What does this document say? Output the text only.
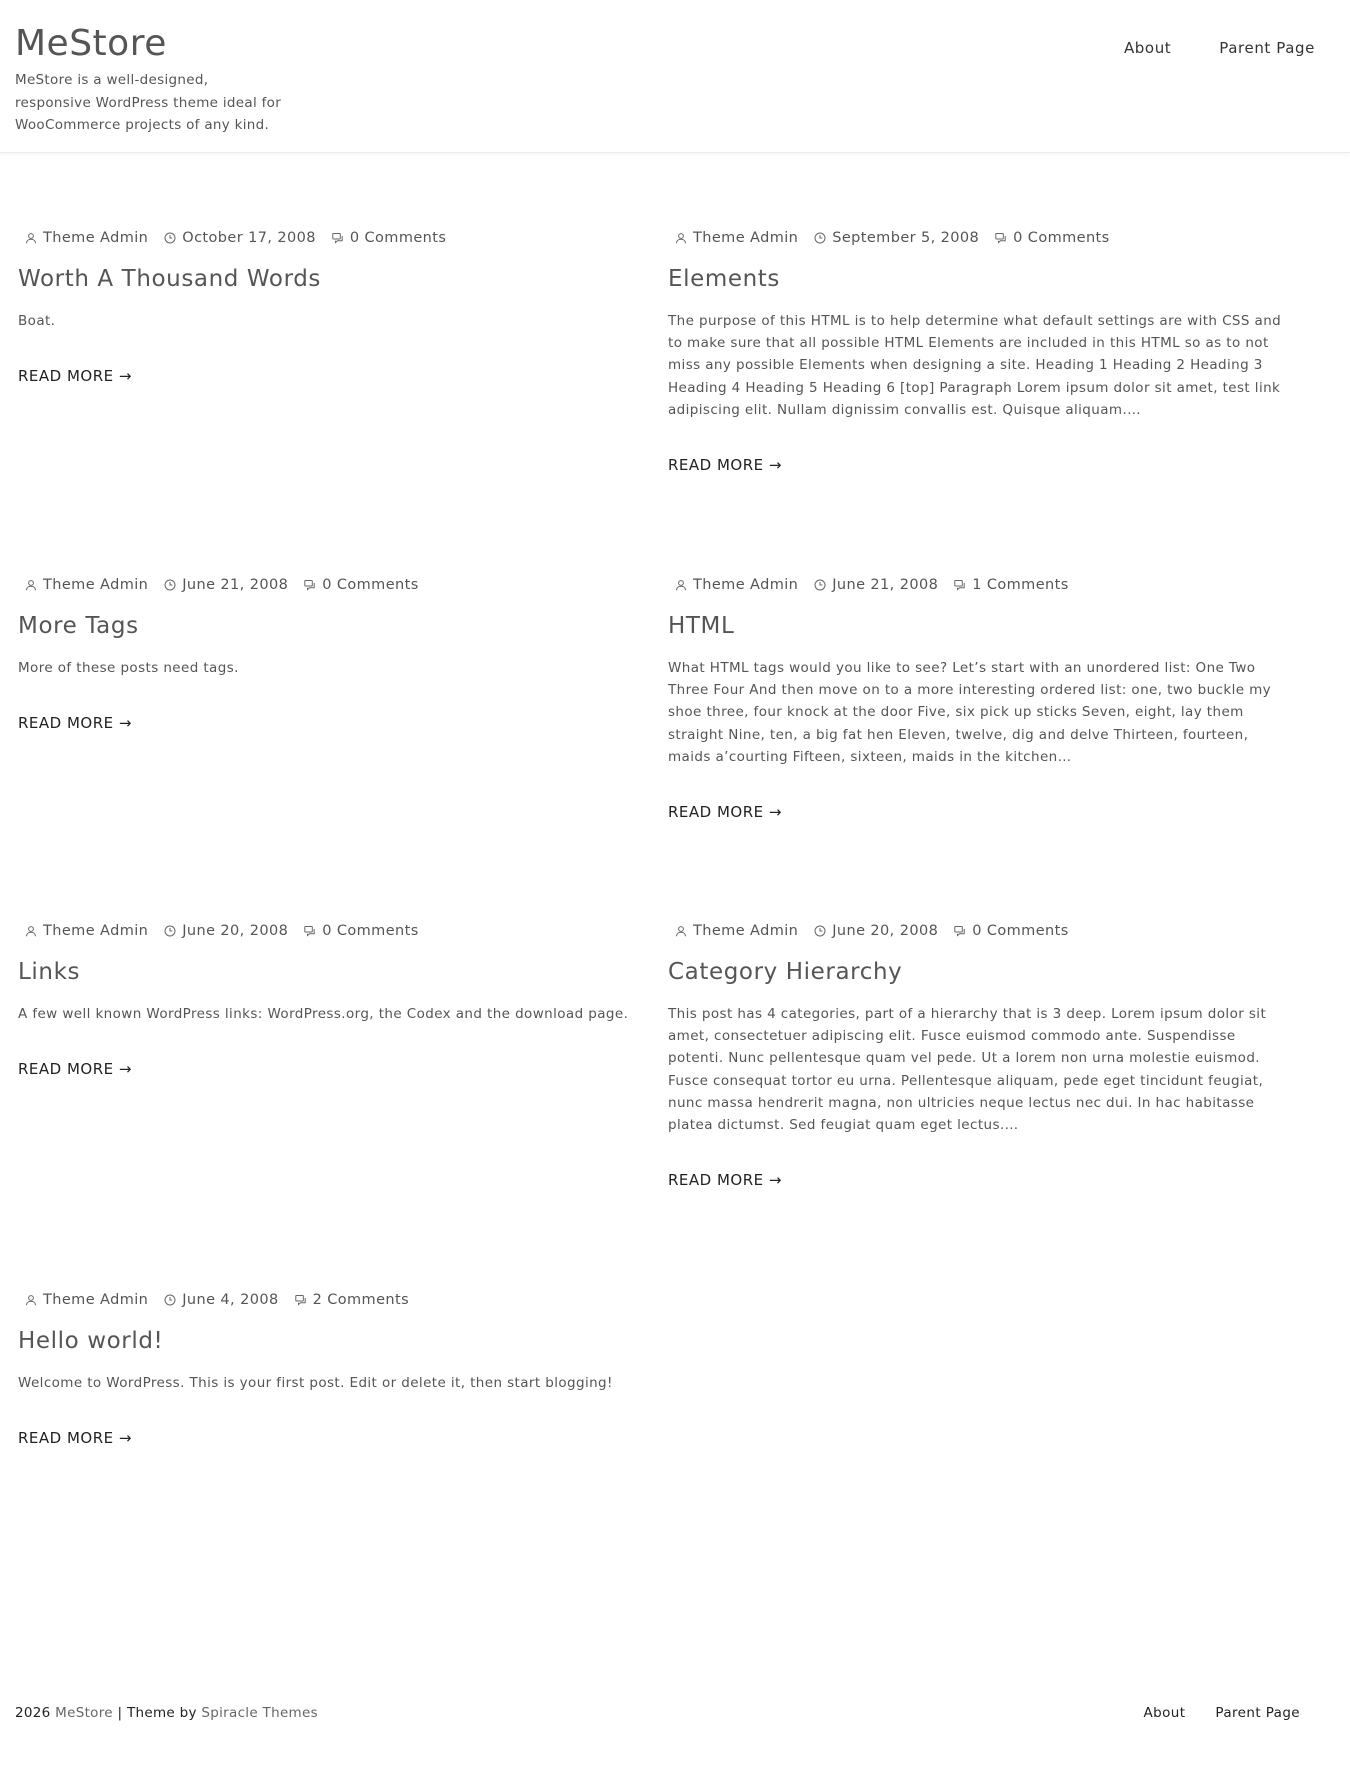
MeStore
MeStore is a well-designed, responsive WordPress theme ideal for WooCommerce projects of any kind.
About	Parent Page
Theme Admin October 17, 2008 0 Comments
Worth A Thousand Words

Boat.

READ MORE →
Theme Admin September 5, 2008 0 Comments
Elements

The purpose of this HTML is to help determine what default settings are with CSS and to make sure that all possible HTML Elements are included in this HTML so as to not miss any possible Elements when designing a site. Heading 1 Heading 2 Heading 3 Heading 4 Heading 5 Heading 6 [top] Paragraph Lorem ipsum dolor sit amet, test link adipiscing elit. Nullam dignissim convallis est. Quisque aliquam.…

READ MORE →
Theme Admin June 21, 2008 0 Comments
More Tags

More of these posts need tags.

READ MORE →
Theme Admin June 21, 2008 1 Comments
HTML

What HTML tags would you like to see? Let’s start with an unordered list: One Two Three Four And then move on to a more interesting ordered list: one, two buckle my shoe three, four knock at the door Five, six pick up sticks Seven, eight, lay them straight Nine, ten, a big fat hen Eleven, twelve, dig and delve Thirteen, fourteen, maids a’courting Fifteen, sixteen, maids in the kitchen…

READ MORE →
Theme Admin June 20, 2008 0 Comments
Links

A few well known WordPress links: WordPress.org, the Codex and the download page.

READ MORE →
Theme Admin June 20, 2008 0 Comments
Category Hierarchy

This post has 4 categories, part of a hierarchy that is 3 deep. Lorem ipsum dolor sit amet, consectetuer adipiscing elit. Fusce euismod commodo ante. Suspendisse potenti. Nunc pellentesque quam vel pede. Ut a lorem non urna molestie euismod. Fusce consequat tortor eu urna. Pellentesque aliquam, pede eget tincidunt feugiat, nunc massa hendrerit magna, non ultricies neque lectus nec dui. In hac habitasse platea dictumst. Sed feugiat quam eget lectus.…

READ MORE →
Theme Admin June 4, 2008 2 Comments
Hello world!

Welcome to WordPress. This is your first post. Edit or delete it, then start blogging!

READ MORE →
2026 MeStore | Theme by Spiracle Themes	About Parent Page
